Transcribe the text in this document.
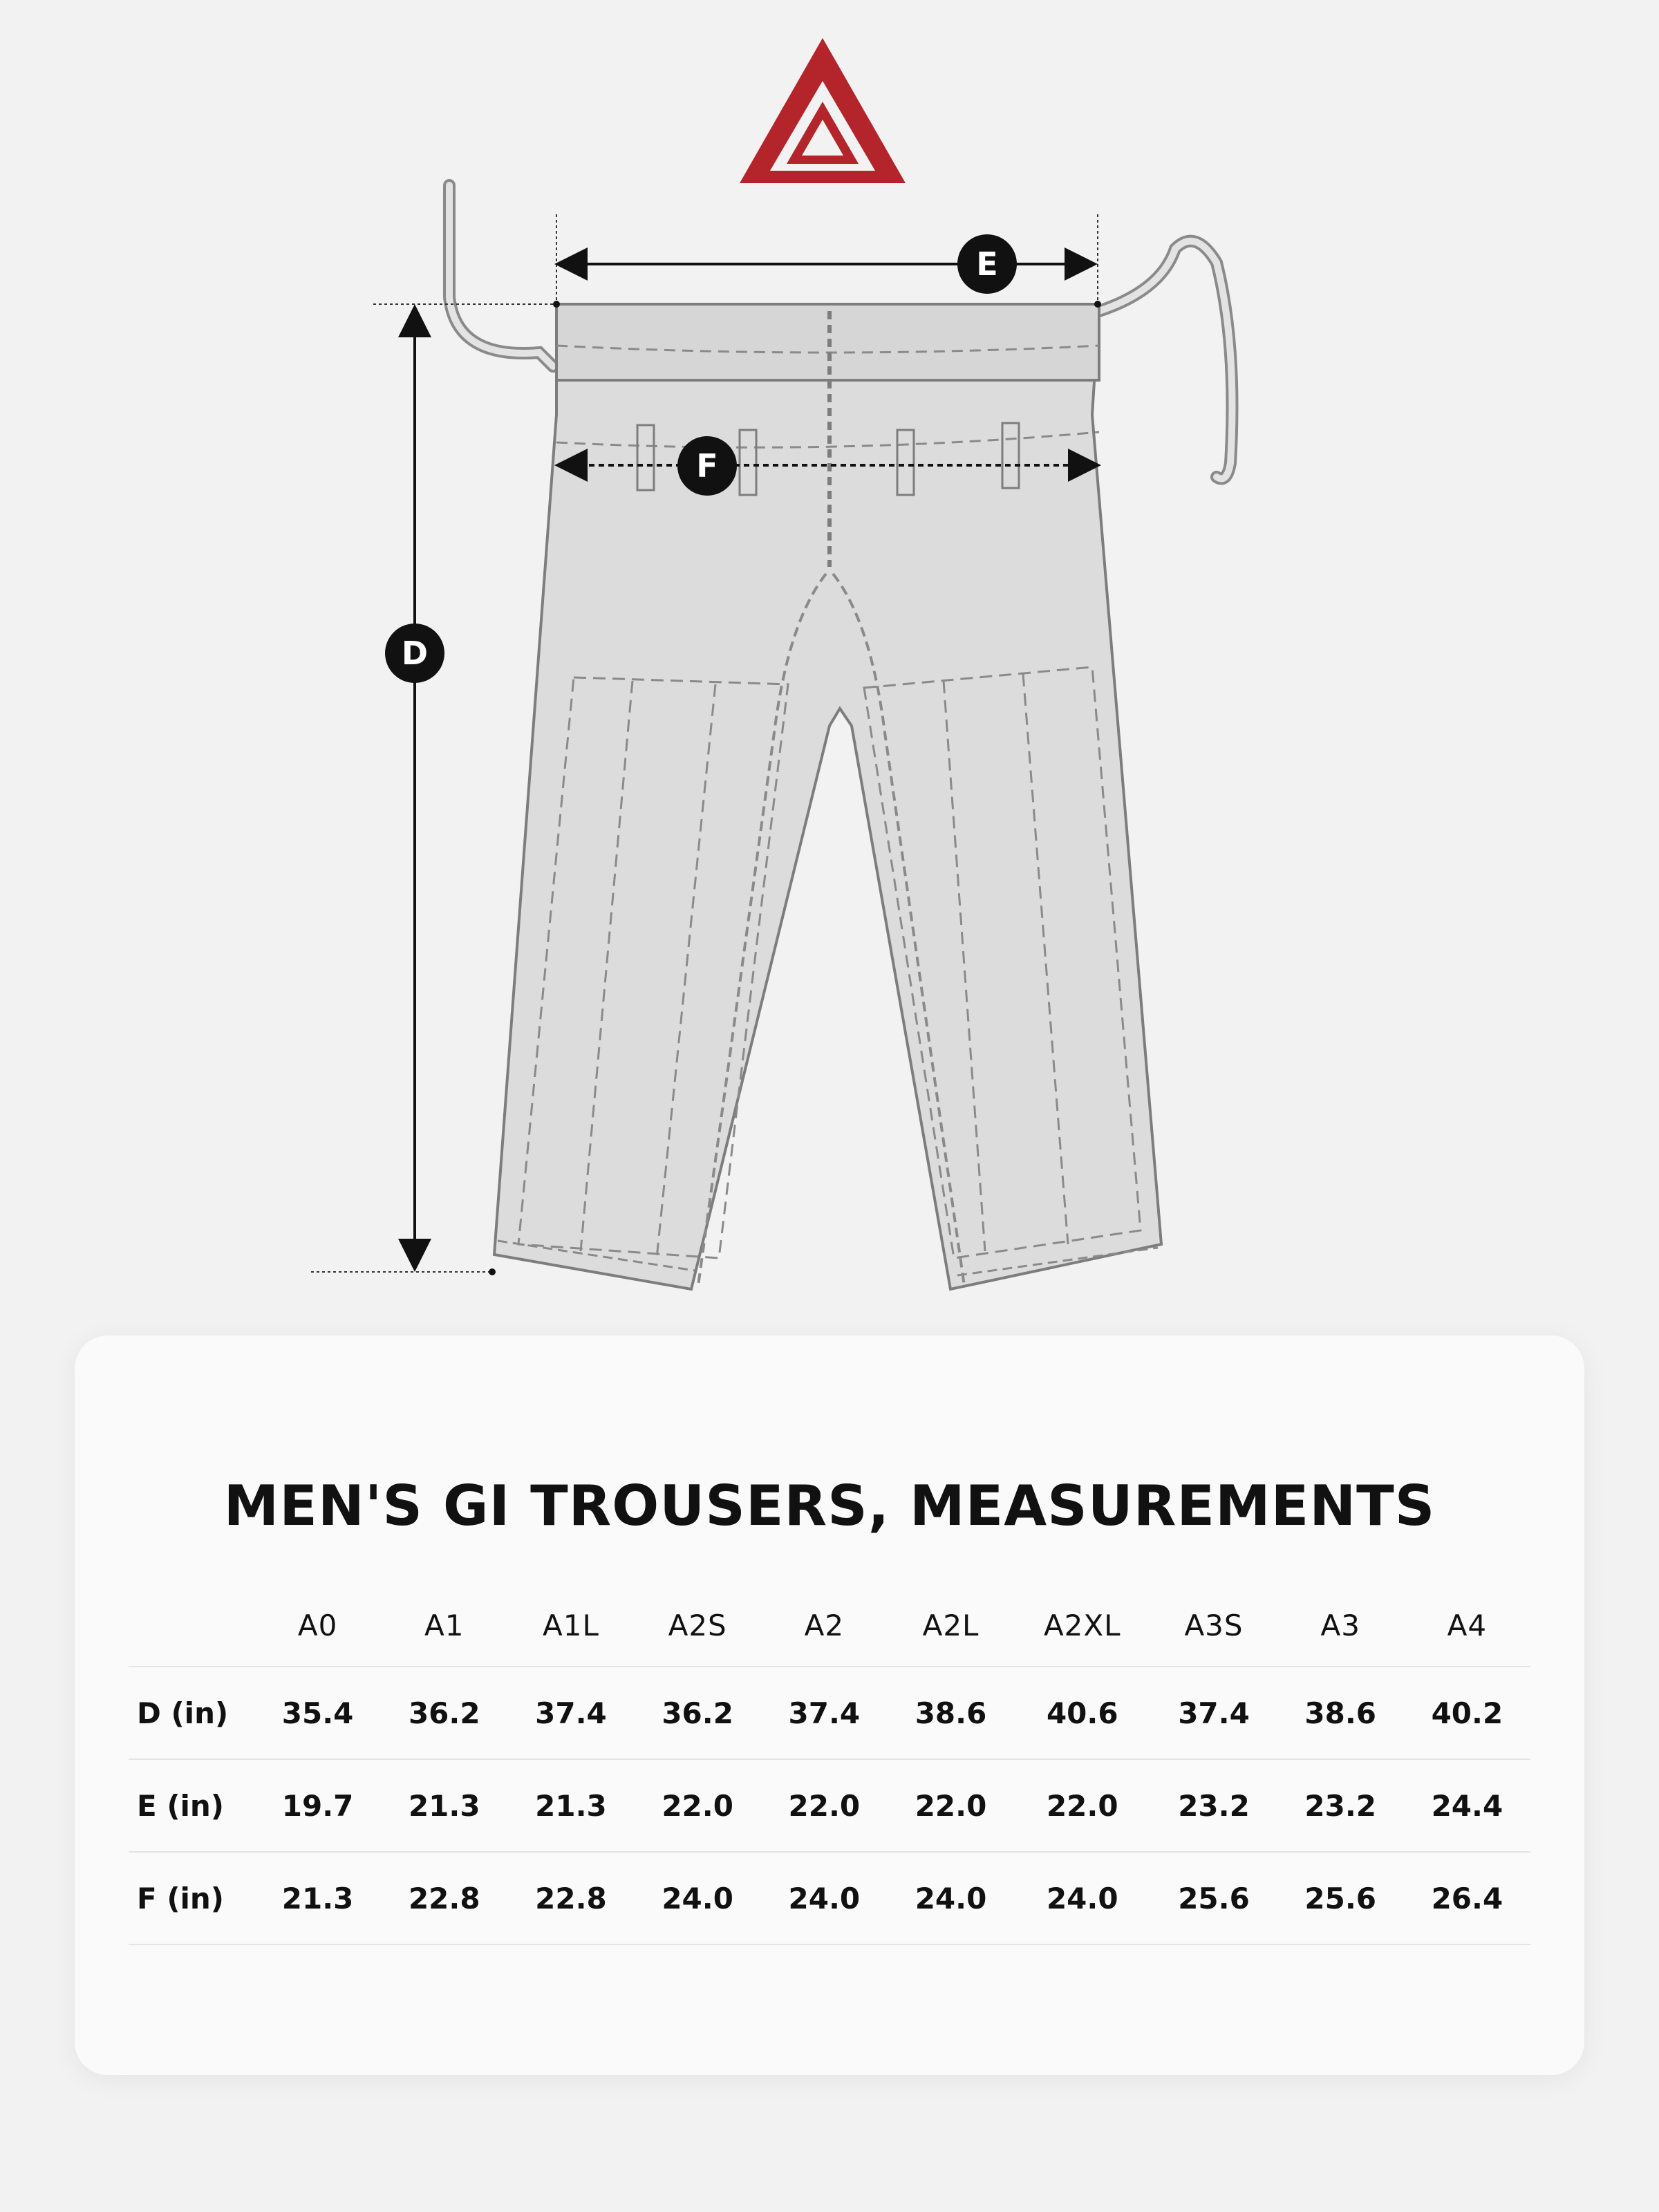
E
F
D
MEN'S GI TROUSERS, MEASUREMENTS
	A0	A1	A1L	A2S	A2	A2L	A2XL	A3S	A3	A4
D (in)	35.4	36.2	37.4	36.2	37.4	38.6	40.6	37.4	38.6	40.2
E (in)	19.7	21.3	21.3	22.0	22.0	22.0	22.0	23.2	23.2	24.4
F (in)	21.3	22.8	22.8	24.0	24.0	24.0	24.0	25.6	25.6	26.4
